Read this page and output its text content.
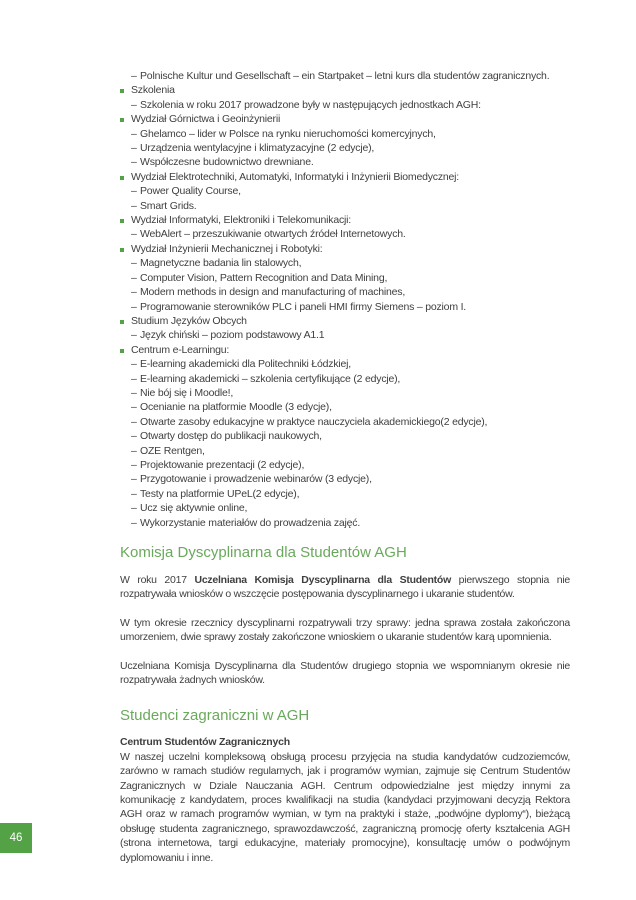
– Polnische Kultur und Gesellschaft – ein Startpaket – letni kurs dla studentów zagranicznych.
Szkolenia
– Szkolenia w roku 2017 prowadzone były w następujących jednostkach AGH:
Wydział Górnictwa i Geoinżynierii
– Ghelamco – lider w Polsce na rynku nieruchomości komercyjnych,
– Urządzenia wentylacyjne i klimatyzacyjne (2 edycje),
– Współczesne budownictwo drewniane.
Wydział Elektrotechniki, Automatyki, Informatyki i Inżynierii Biomedycznej:
– Power Quality Course,
– Smart Grids.
Wydział Informatyki, Elektroniki i Telekomunikacji:
– WebAlert – przeszukiwanie otwartych źródeł Internetowych.
Wydział Inżynierii Mechanicznej i Robotyki:
– Magnetyczne badania lin stalowych,
– Computer Vision, Pattern Recognition and Data Mining,
– Modern methods in design and manufacturing of machines,
– Programowanie sterowników PLC i paneli HMI firmy Siemens – poziom I.
Studium Języków Obcych
– Język chiński – poziom podstawowy A1.1
Centrum e-Learningu:
– E-learning akademicki dla Politechniki Łódzkiej,
– E-learning akademicki – szkolenia certyfikujące (2 edycje),
– Nie bój się i Moodle!,
– Ocenianie na platformie Moodle (3 edycje),
– Otwarte zasoby edukacyjne w praktyce nauczyciela akademickiego(2 edycje),
– Otwarty dostęp do publikacji naukowych,
– OZE Rentgen,
– Projektowanie prezentacji (2 edycje),
– Przygotowanie i prowadzenie webinarów (3 edycje),
– Testy na platformie UPeL(2 edycje),
– Ucz się aktywnie online,
– Wykorzystanie materiałów do prowadzenia zajęć.
Komisja Dyscyplinarna dla Studentów AGH

W roku 2017 Uczelniana Komisja Dyscyplinarna dla Studentów pierwszego stopnia nie rozpatrywała wniosków o wszczęcie postępowania dyscyplinarnego i ukaranie studentów.

W tym okresie rzecznicy dyscyplinarni rozpatrywali trzy sprawy: jedna sprawa została zakończona umorzeniem, dwie sprawy zostały zakończone wnioskiem o ukaranie studentów karą upomnienia.

Uczelniana Komisja Dyscyplinarna dla Studentów drugiego stopnia we wspomnianym okresie nie rozpatrywała żadnych wniosków.

Studenci zagraniczni w AGH

Centrum Studentów Zagranicznych

W naszej uczelni kompleksową obsługą procesu przyjęcia na studia kandydatów cudzoziemców, zarówno w ramach studiów regularnych, jak i programów wymian, zajmuje się Centrum Studentów Zagranicznych w Dziale Nauczania AGH. Centrum odpowiedzialne jest między innymi za komunikację z kandydatem, proces kwalifikacji na studia (kandydaci przyjmowani decyzją Rektora AGH oraz w ramach programów wymian, w tym na praktyki i staże, „podwójne dyplomy“), bieżącą obsługę studenta zagranicznego, sprawozdawczość, zagraniczną promocję oferty kształcenia AGH (strona internetowa, targi edukacyjne, materiały promocyjne), konsultację umów o podwójnym dyplomowaniu i inne.

46
